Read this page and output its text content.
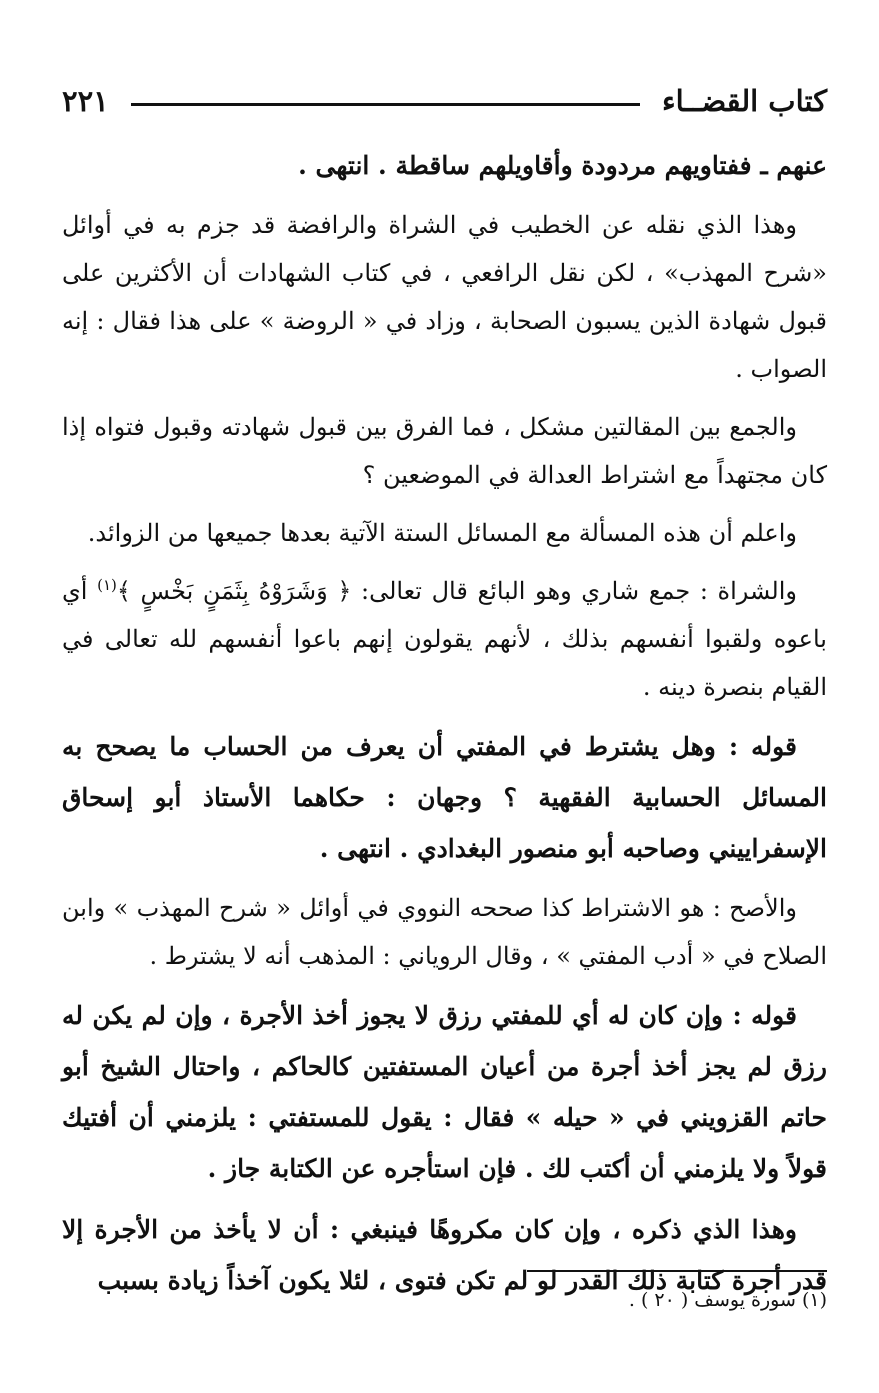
كتاب القضــاء
٢٢١

عنهم ـ ففتاويهم مردودة وأقاويلهم ساقطة . انتهى .

وهذا الذي نقله عن الخطيب في الشراة والرافضة قد جزم به في أوائل «شرح المهذب» ، لكن نقل الرافعي ، في كتاب الشهادات أن الأكثرين على قبول شهادة الذين يسبون الصحابة ، وزاد في « الروضة » على هذا فقال : إنه الصواب .

والجمع بين المقالتين مشكل ، فما الفرق بين قبول شهادته وقبول فتواه إذا كان مجتهداً مع اشتراط العدالة في الموضعين ؟

واعلم أن هذه المسألة مع المسائل الستة الآتية بعدها جميعها من الزوائد.

والشراة : جمع شاري وهو البائع قال تعالى: ﴿ وَشَرَوْهُ بِثَمَنٍ بَخْسٍ ﴾$^{(١)}$ أي باعوه ولقبوا أنفسهم بذلك ، لأنهم يقولون إنهم باعوا أنفسهم لله تعالى في القيام بنصرة دينه .

قوله : وهل يشترط في المفتي أن يعرف من الحساب ما يصحح به المسائل الحسابية الفقهية ؟ وجهان : حكاهما الأستاذ أبو إسحاق الإسفراييني وصاحبه أبو منصور البغدادي . انتهى .

والأصح : هو الاشتراط كذا صححه النووي في أوائل « شرح المهذب » وابن الصلاح في « أدب المفتي » ، وقال الروياني : المذهب أنه لا يشترط .

قوله : وإن كان له أي للمفتي رزق لا يجوز أخذ الأجرة ، وإن لم يكن له رزق لم يجز أخذ أجرة من أعيان المستفتين كالحاكم ، واحتال الشيخ أبو حاتم القزويني في « حيله » فقال : يقول للمستفتي : يلزمني أن أفتيك قولاً ولا يلزمني أن أكتب لك . فإن استأجره عن الكتابة جاز .

وهذا الذي ذكره ، وإن كان مكروهًا فينبغي : أن لا يأخذ من الأجرة إلا قدر أجرة كتابة ذلك القدر لو لم تكن فتوى ، لئلا يكون آخذاً زيادة بسبب

(١) سورة يوسف ( ٢٠ ) .
